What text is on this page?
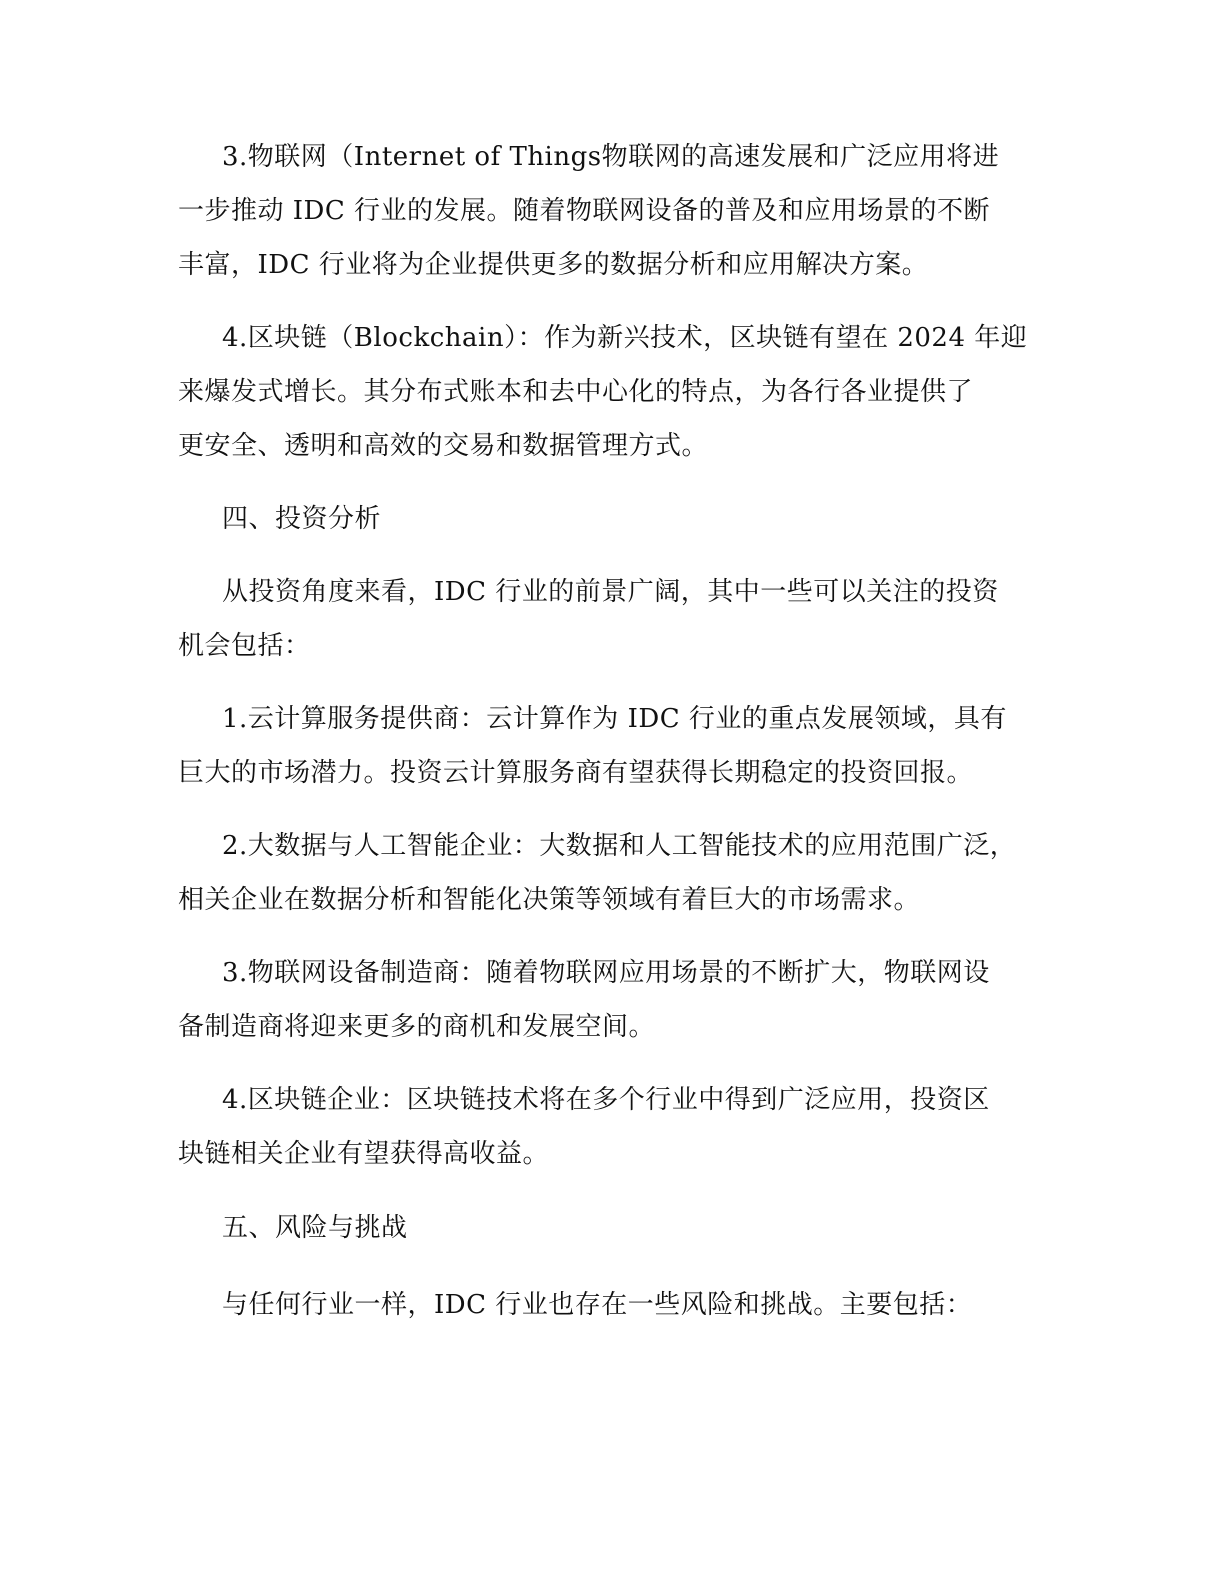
3.物联网（Internet of Things物联网的高速发展和广泛应用将进
一步推动 IDC 行业的发展。随着物联网设备的普及和应用场景的不断
丰富，IDC 行业将为企业提供更多的数据分析和应用解决方案。
4.区块链（Blockchain）：作为新兴技术，区块链有望在 2024 年迎
来爆发式增长。其分布式账本和去中心化的特点，为各行各业提供了
更安全、透明和高效的交易和数据管理方式。
四、投资分析
从投资角度来看，IDC 行业的前景广阔，其中一些可以关注的投资
机会包括：
1.云计算服务提供商：云计算作为 IDC 行业的重点发展领域，具有
巨大的市场潜力。投资云计算服务商有望获得长期稳定的投资回报。
2.大数据与人工智能企业：大数据和人工智能技术的应用范围广泛，
相关企业在数据分析和智能化决策等领域有着巨大的市场需求。
3.物联网设备制造商：随着物联网应用场景的不断扩大，物联网设
备制造商将迎来更多的商机和发展空间。
4.区块链企业：区块链技术将在多个行业中得到广泛应用，投资区
块链相关企业有望获得高收益。
五、风险与挑战
与任何行业一样，IDC 行业也存在一些风险和挑战。主要包括：
